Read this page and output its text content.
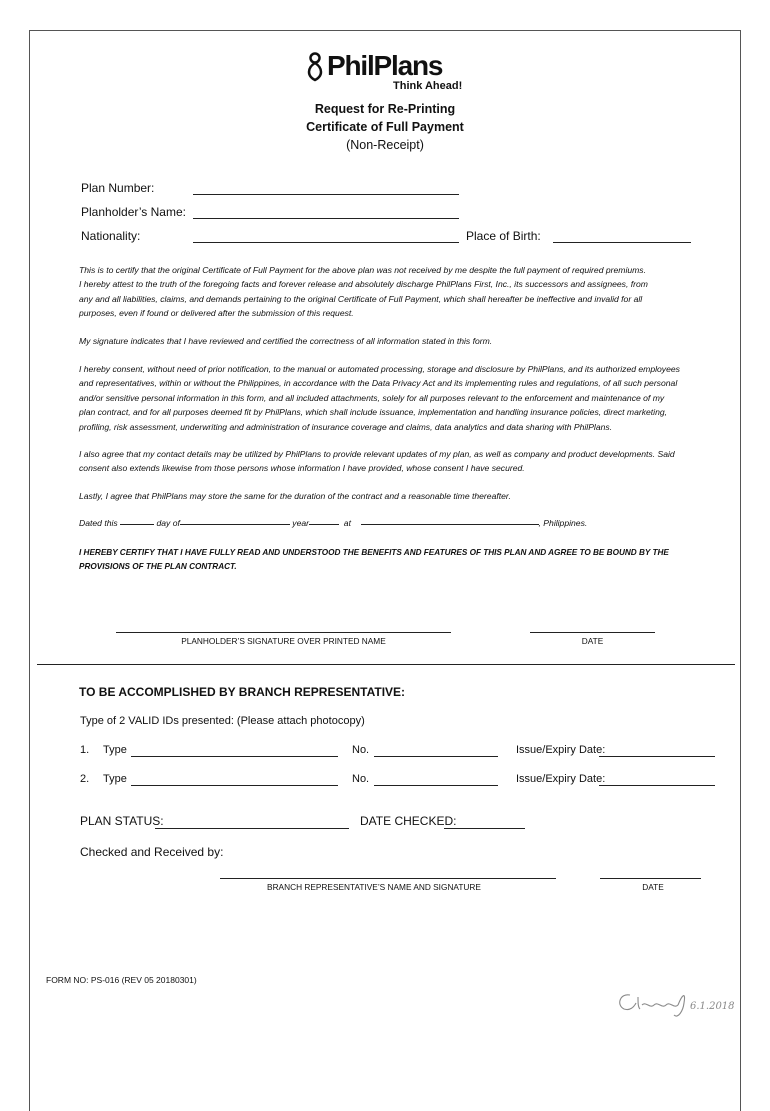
PhilPlans
Think Ahead!
Request for Re-Printing
Certificate of Full Payment
(Non-Receipt)
Plan Number:
Planholder’s Name:
Nationality:	Place of Birth:
This is to certify that the original Certificate of Full Payment for the above plan was not received by me despite the full payment of required premiums.
I hereby attest to the truth of the foregoing facts and forever release and absolutely discharge PhilPlans First, Inc., its successors and assignees, from
any and all liabilities, claims, and demands pertaining to the original Certificate of Full Payment, which shall hereafter be ineffective and invalid for all
purposes, even if found or delivered after the submission of this request.
My signature indicates that I have reviewed and certified the correctness of all information stated in this form.
I hereby consent, without need of prior notification, to the manual or automated processing, storage and disclosure by PhilPlans, and its authorized employees
and representatives, within or without the Philippines, in accordance with the Data Privacy Act and its implementing rules and regulations, of all such personal
and/or sensitive personal information in this form, and all included attachments, solely for all purposes relevant to the enforcement and maintenance of my
plan contract, and for all purposes deemed fit by PhilPlans, which shall include issuance, implementation and handling insurance policies, direct marketing,
profiling, risk assessment, underwriting and administration of insurance coverage and claims, data analytics and data sharing with PhilPlans.
I also agree that my contact details may be utilized by PhilPlans to provide relevant updates of my plan, as well as company and product developments. Said
consent also extends likewise from those persons whose information I have provided, whose consent I have secured.
Lastly, I agree that PhilPlans may store the same for the duration of the contract and a reasonable time thereafter.
Dated this	day of	year	at	, Philippines.
I HEREBY CERTIFY THAT I HAVE FULLY READ AND UNDERSTOOD THE BENEFITS AND FEATURES OF THIS PLAN AND AGREE TO BE BOUND BY THE
PROVISIONS OF THE PLAN CONTRACT.
PLANHOLDER’S SIGNATURE OVER PRINTED NAME	DATE
TO BE ACCOMPLISHED BY BRANCH REPRESENTATIVE:
Type of 2 VALID IDs presented: (Please attach photocopy)
1. Type	No.	Issue/Expiry Date:
2. Type	No.	Issue/Expiry Date:
PLAN STATUS:	DATE CHECKED:
Checked and Received by:
BRANCH REPRESENTATIVE’S NAME AND SIGNATURE	DATE
FORM NO: PS-016 (REV 05 20180301)
6.1.2018
